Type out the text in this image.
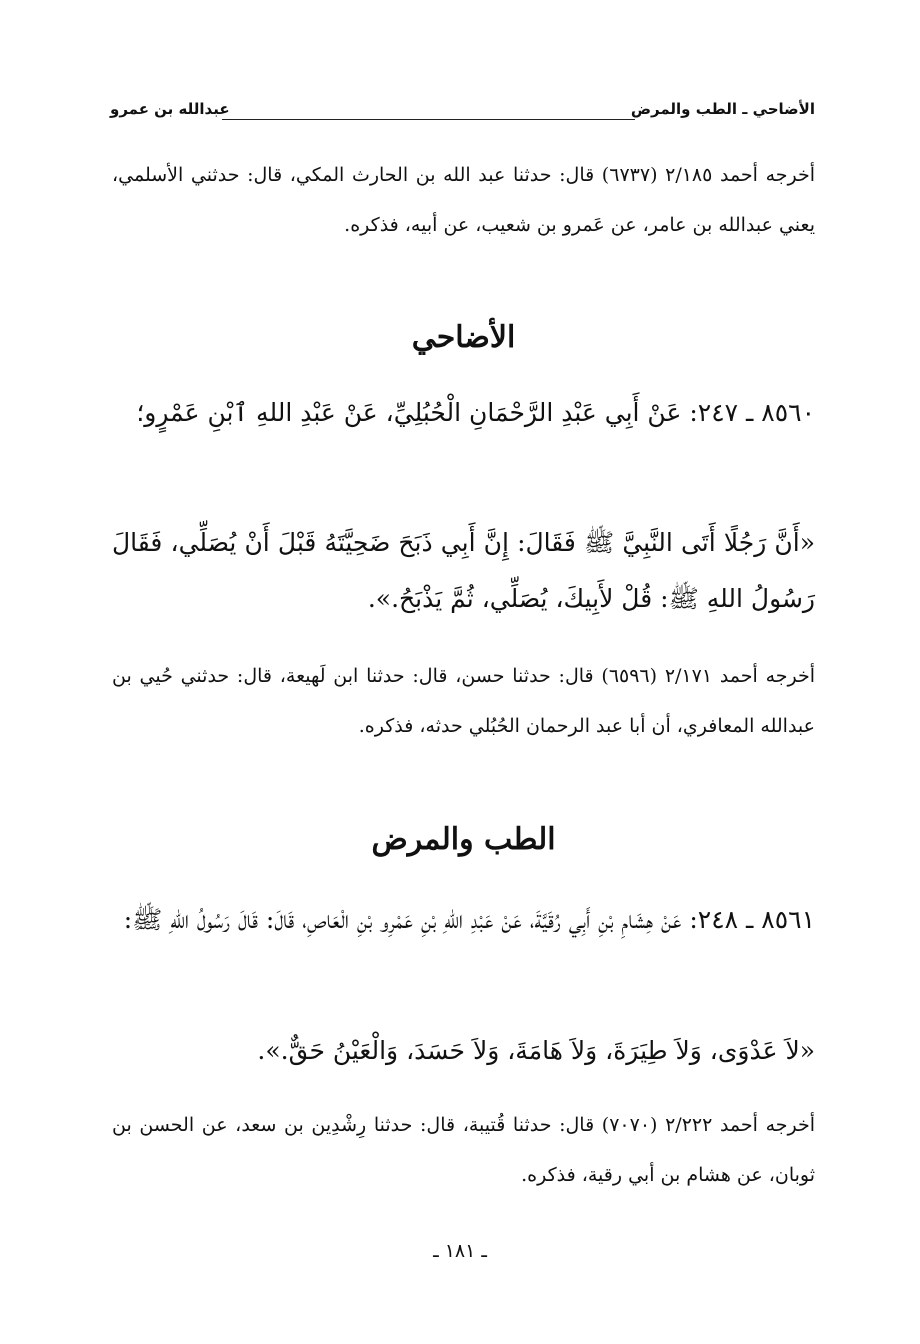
الأضاحي ـ الطب والمرض
عبدالله بن عمرو
أخرجه أحمد ٢/١٨٥ (٦٧٣٧) قال: حدثنا عبد الله بن الحارث المكي، قال: حدثني الأسلمي، يعني عبدالله بن عامر، عن عَمرو بن شعيب، عن أبيه، فذكره.
الأضاحي
٨٥٦٠ ـ ٢٤٧: عَنْ أَبِي عَبْدِ الرَّحْمَانِ الْحُبُلِيِّ، عَنْ عَبْدِ اللهِ ٱبْنِ عَمْرٍو؛
«أَنَّ رَجُلًا أَتَى النَّبِيَّ ﷺ فَقَالَ: إِنَّ أَبِي ذَبَحَ ضَحِيَّتَهُ قَبْلَ أَنْ يُصَلِّي، فَقَالَ رَسُولُ اللهِ ﷺ: قُلْ لأَبِيكَ، يُصَلِّي، ثُمَّ يَذْبَحُ.».
أخرجه أحمد ٢/١٧١ (٦٥٩٦) قال: حدثنا حسن، قال: حدثنا ابن لَهيعة، قال: حدثني حُيي بن عبدالله المعافري، أن أبا عبد الرحمان الحُبُلي حدثه، فذكره.
الطب والمرض
٨٥٦١ ـ ٢٤٨: عَنْ هِشَامِ بْنِ أَبِي رُقَيَّةَ، عَنْ عَبْدِ اللهِ بْنِ عَمْرِو بْنِ الْعَاصِ، قَالَ: قَالَ رَسُولُ اللهِ ﷺ:
«لاَ عَدْوَى، وَلاَ طِيَرَةَ، وَلاَ هَامَةَ، وَلاَ حَسَدَ، وَالْعَيْنُ حَقٌّ.».
أخرجه أحمد ٢/٢٢٢ (٧٠٧٠) قال: حدثنا قُتيبة، قال: حدثنا رِشْدِين بن سعد، عن الحسن بن ثوبان، عن هشام بن أبي رقية، فذكره.
ـ ١٨١ ـ
